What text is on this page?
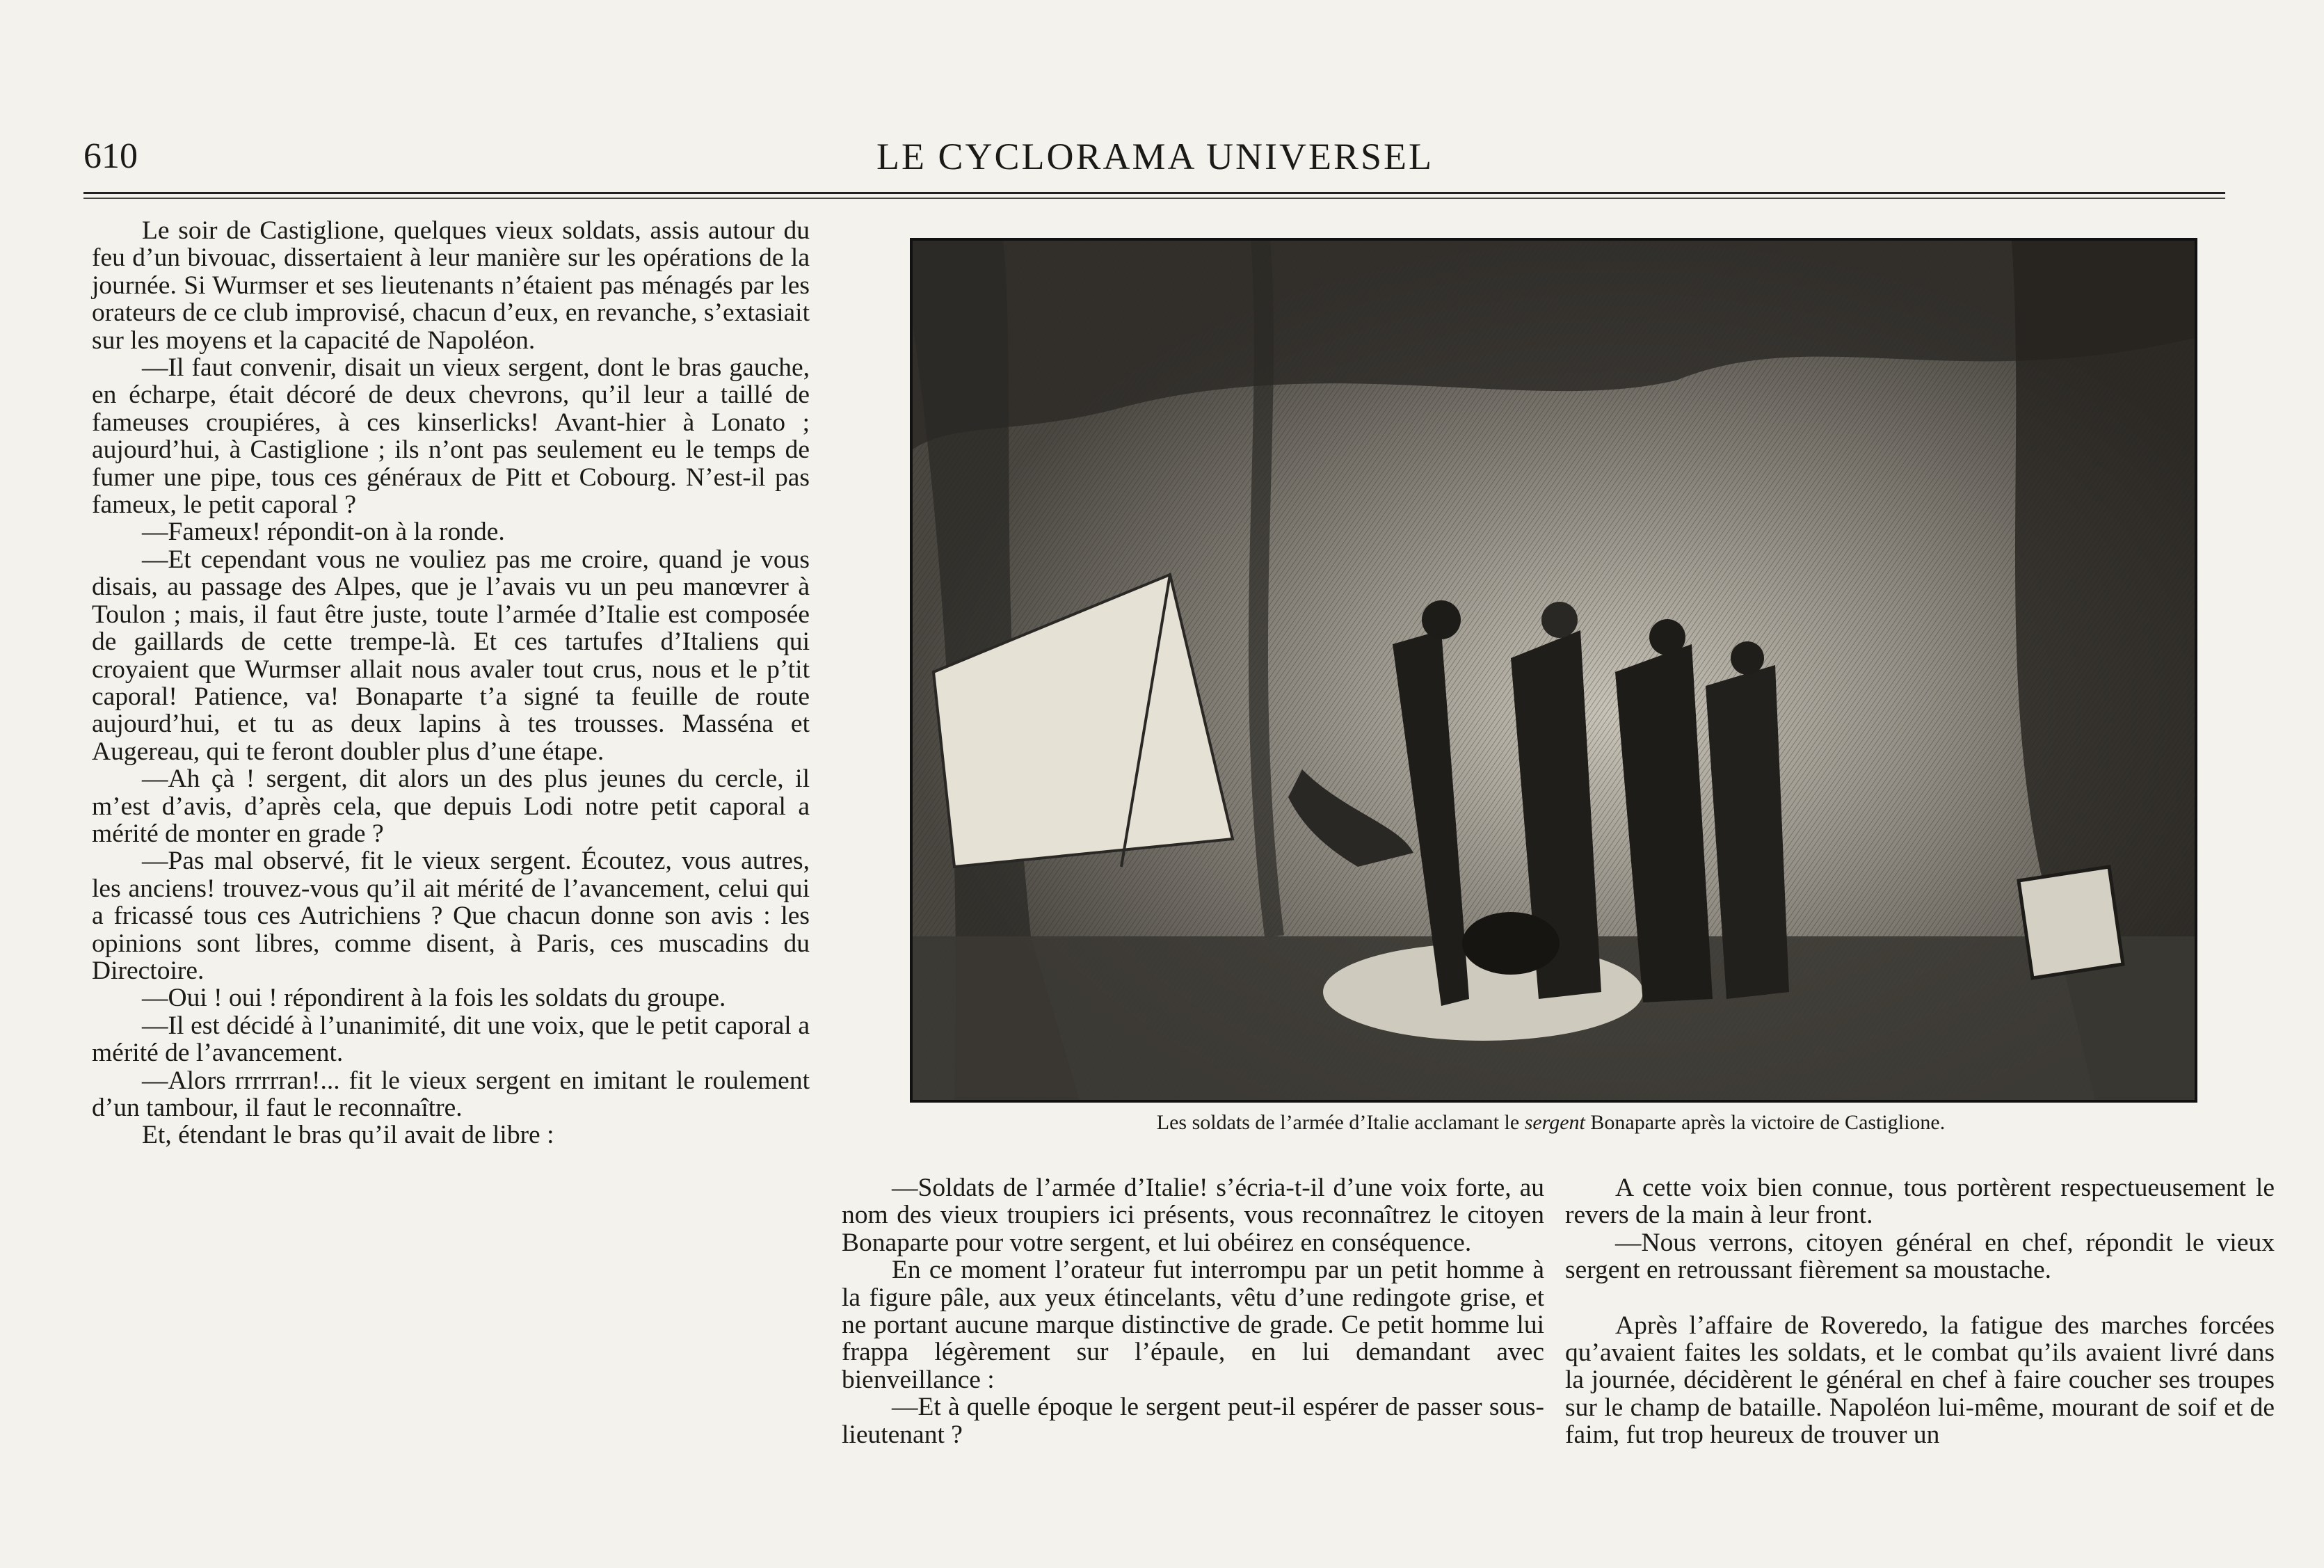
610	LE CYCLORAMA UNIVERSEL

Le soir de Castiglione, quelques vieux soldats, assis autour du feu d’un bivouac, dissertaient à leur manière sur les opérations de la journée. Si Wurmser et ses lieutenants n’étaient pas ménagés par les orateurs de ce club improvisé, chacun d’eux, en revanche, s’extasiait sur les moyens et la capacité de Napoléon.

—Il faut convenir, disait un vieux sergent, dont le bras gauche, en écharpe, était décoré de deux chevrons, qu’il leur a taillé de fameuses croupiéres, à ces kinserlicks! Avant-hier à Lonato ; aujourd’hui, à Castiglione ; ils n’ont pas seulement eu le temps de fumer une pipe, tous ces généraux de Pitt et Cobourg. N’est-il pas fameux, le petit caporal ?

—Fameux! répondit-on à la ronde.

—Et cependant vous ne vouliez pas me croire, quand je vous disais, au passage des Alpes, que je l’avais vu un peu manœvrer à Toulon ; mais, il faut être juste, toute l’armée d’Italie est composée de gaillards de cette trempe-là. Et ces tartufes d’Italiens qui croyaient que Wurmser allait nous avaler tout crus, nous et le p’tit caporal! Patience, va! Bonaparte t’a signé ta feuille de route aujourd’hui, et tu as deux lapins à tes trousses. Masséna et Augereau, qui te feront doubler plus d’une étape.

—Ah çà ! sergent, dit alors un des plus jeunes du cercle, il m’est d’avis, d’après cela, que depuis Lodi notre petit caporal a mérité de monter en grade ?

—Pas mal observé, fit le vieux sergent. Écoutez, vous autres, les anciens! trouvez-vous qu’il ait mérité de l’avancement, celui qui a fricassé tous ces Autrichiens ? Que chacun donne son avis : les opinions sont libres, comme disent, à Paris, ces muscadins du Directoire.

—Oui ! oui ! répondirent à la fois les soldats du groupe.

—Il est décidé à l’unanimité, dit une voix, que le petit caporal a mérité de l’avancement.

—Alors rrrrrran!... fit le vieux sergent en imitant le roulement d’un tambour, il faut le reconnaître.

Et, étendant le bras qu’il avait de libre :	Les soldats de l’armée d’Italie acclamant le sergent Bonaparte après la victoire de Castiglione.

—Soldats de l’armée d’Italie! s’écria-t-il d’une voix forte, au nom des vieux troupiers ici présents, vous reconnaîtrez le citoyen Bonaparte pour votre sergent, et lui obéirez en conséquence.

En ce moment l’orateur fut interrompu par un petit homme à la figure pâle, aux yeux étincelants, vêtu d’une redingote grise, et ne portant aucune marque distinctive de grade. Ce petit homme lui frappa légèrement sur l’épaule, en lui demandant avec bienveillance :

—Et à quelle époque le sergent peut-il espérer de passer sous-lieutenant ?

A cette voix bien connue, tous portèrent respectueusement le revers de la main à leur front.

—Nous verrons, citoyen général en chef, répondit le vieux sergent en retroussant fièrement sa moustache.

Après l’affaire de Roveredo, la fatigue des marches forcées qu’avaient faites les soldats, et le combat qu’ils avaient livré dans la journée, décidèrent le général en chef à faire coucher ses troupes sur le champ de bataille. Napoléon lui-même, mourant de soif et de faim, fut trop heureux de trouver un
